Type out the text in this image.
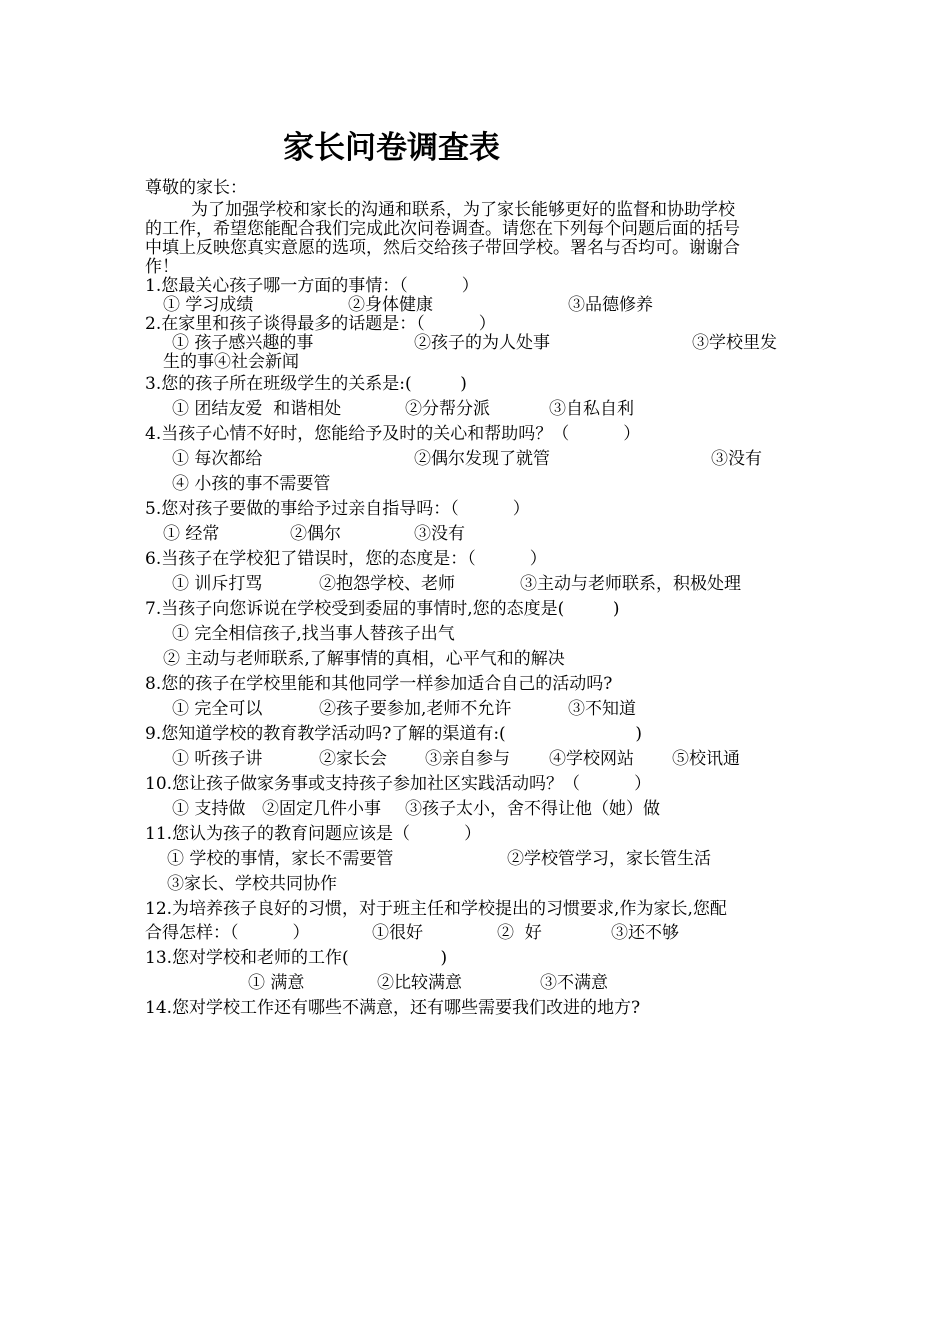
家长问卷调查表
尊敬的家长：
为了加强学校和家长的沟通和联系，为了家长能够更好的监督和协助学校
的工作，希望您能配合我们完成此次问卷调查。请您在下列每个问题后面的括号
中填上反映您真实意愿的选项，然后交给孩子带回学校。署名与否均可。谢谢合
作！
1.您最关心孩子哪一方面的事情：（          ）
① 学习成绩	②身体健康	③品德修养
2.在家里和孩子谈得最多的话题是：（          ）
① 孩子感兴趣的事	②孩子的为人处事	③学校里发
生的事④社会新闻
3.您的孩子所在班级学生的关系是:(         )
① 团结友爱  和谐相处	②分帮分派	③自私自利
4.当孩子心情不好时，您能给予及时的关心和帮助吗？（          ）
① 每次都给	②偶尔发现了就管	③没有
④ 小孩的事不需要管
5.您对孩子要做的事给予过亲自指导吗：（          ）
① 经常	②偶尔	③没有
6.当孩子在学校犯了错误时，您的态度是：（          ）
① 训斥打骂	②抱怨学校、老师	③主动与老师联系，积极处理
7.当孩子向您诉说在学校受到委屈的事情时,您的态度是(         )
① 完全相信孩子,找当事人替孩子出气
② 主动与老师联系,了解事情的真相，心平气和的解决
8.您的孩子在学校里能和其他同学一样参加适合自己的活动吗?
① 完全可以	②孩子要参加,老师不允许	③不知道
9.您知道学校的教育教学活动吗?了解的渠道有:(                        )
① 听孩子讲	②家长会 ③亲自参与 ④学校网站 ⑤校讯通
10.您让孩子做家务事或支持孩子参加社区实践活动吗？（          ）
① 支持做 ②固定几件小事 ③孩子太小，舍不得让他（她）做
11.您认为孩子的教育问题应该是（          ）
① 学校的事情，家长不需要管	②学校管学习，家长管生活
③家长、学校共同协作
12.为培养孩子良好的习惯，对于班主任和学校提出的习惯要求,作为家长,您配
合得怎样：（          ）	①很好	②  好	③还不够
13.您对学校和老师的工作(                 )
① 满意	②比较满意	③不满意
14.您对学校工作还有哪些不满意，还有哪些需要我们改进的地方?
